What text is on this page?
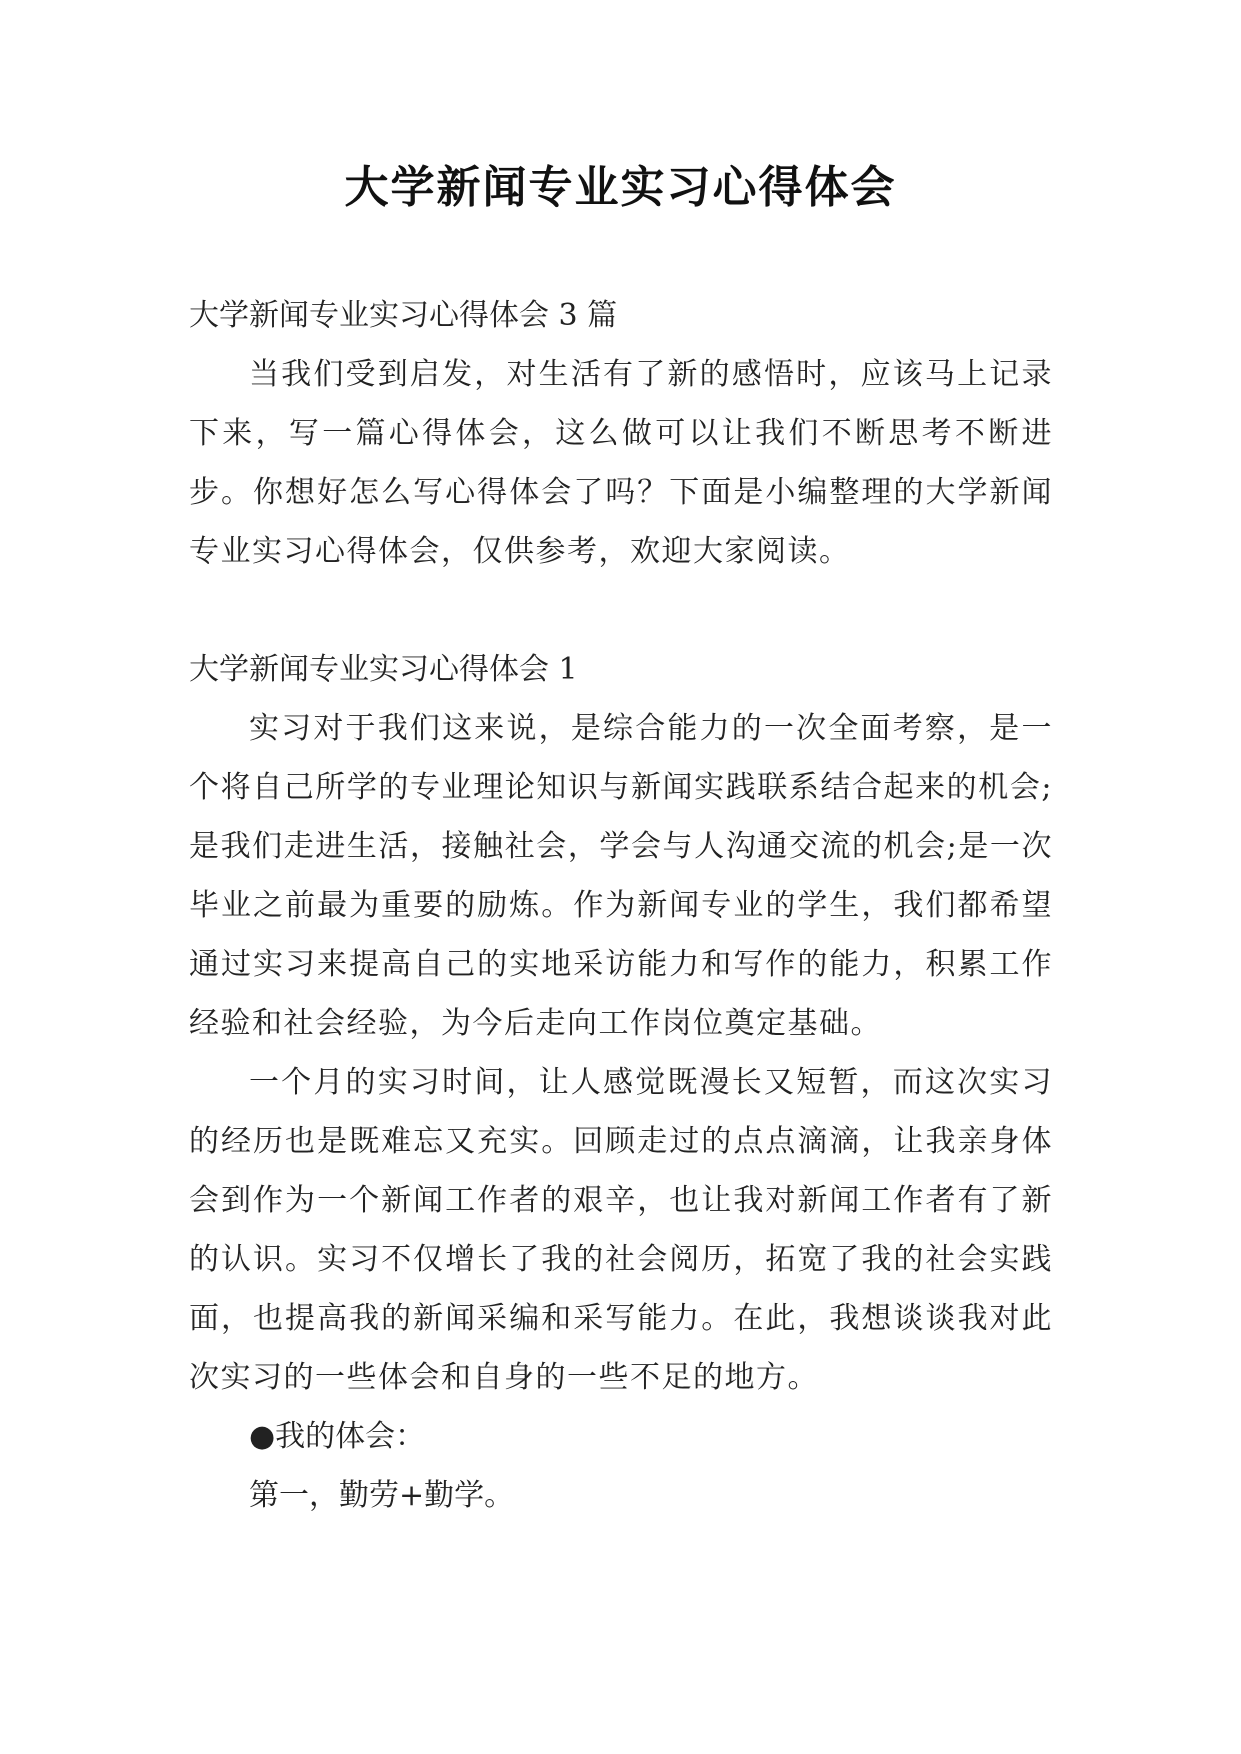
大学新闻专业实习心得体会

大学新闻专业实习心得体会 3 篇

当我们受到启发，对生活有了新的感悟时，应该马上记录下来，写一篇心得体会，这么做可以让我们不断思考不断进步。你想好怎么写心得体会了吗？下面是小编整理的大学新闻专业实习心得体会，仅供参考，欢迎大家阅读。

大学新闻专业实习心得体会 1

实习对于我们这来说，是综合能力的一次全面考察，是一个将自己所学的专业理论知识与新闻实践联系结合起来的机会;是我们走进生活，接触社会，学会与人沟通交流的机会;是一次毕业之前最为重要的励炼。作为新闻专业的学生，我们都希望通过实习来提高自己的实地采访能力和写作的能力，积累工作经验和社会经验，为今后走向工作岗位奠定基础。

一个月的实习时间，让人感觉既漫长又短暂，而这次实习的经历也是既难忘又充实。回顾走过的点点滴滴，让我亲身体会到作为一个新闻工作者的艰辛，也让我对新闻工作者有了新的认识。实习不仅增长了我的社会阅历，拓宽了我的社会实践面，也提高我的新闻采编和采写能力。在此，我想谈谈我对此次实习的一些体会和自身的一些不足的地方。

●我的体会：

第一，勤劳+勤学。
